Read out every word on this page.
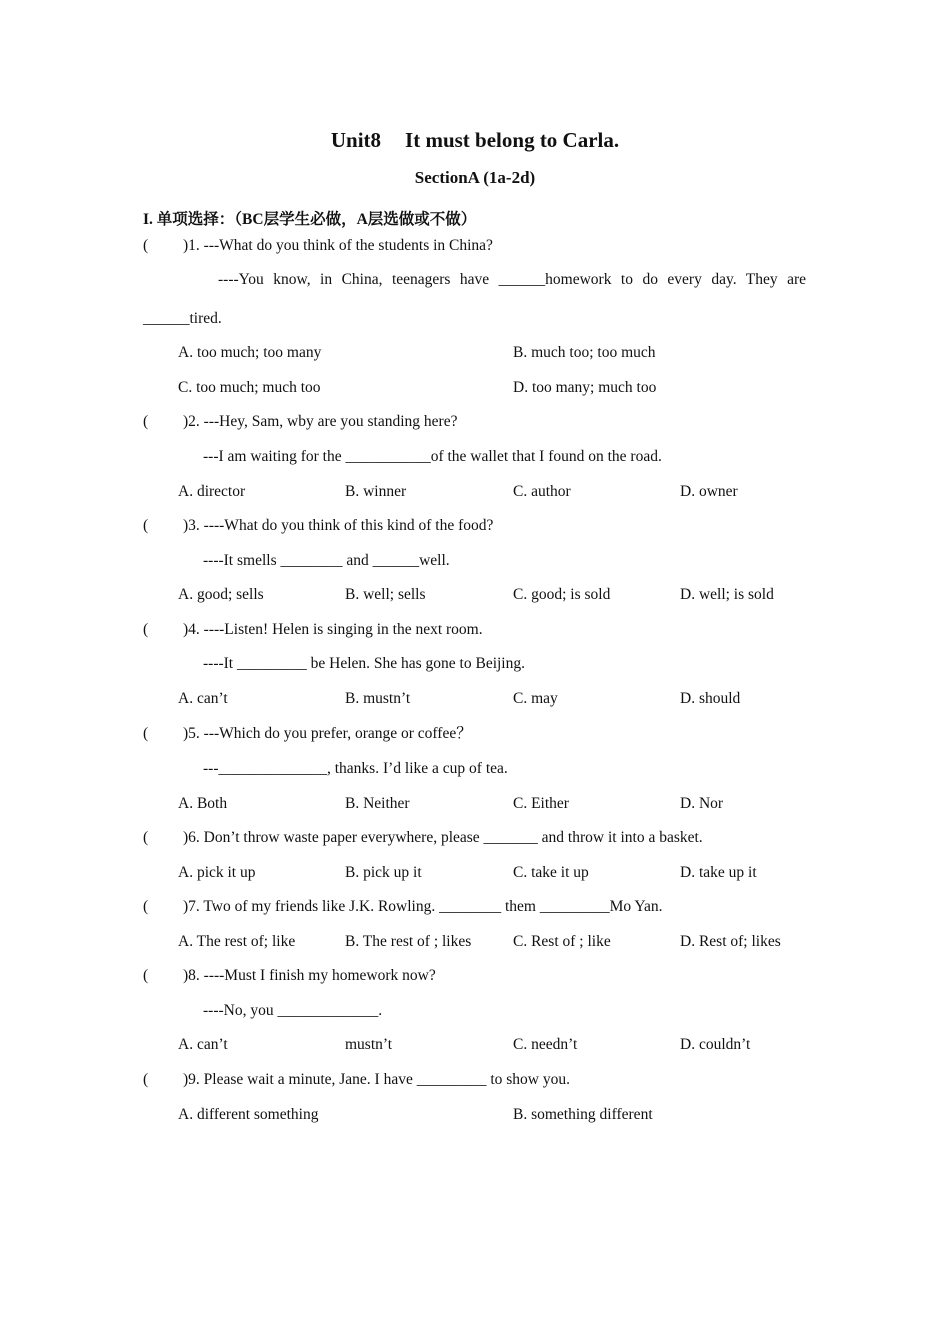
Unit8 It must belong to Carla.
SectionA (1a-2d)
I. 单项选择：（BC层学生必做，A层选做或不做）
( )1. ---What do you think of the students in China?
----You know, in China, teenagers have ______homework to do every day. They are
______tired.
A. too much; too many	B. much too; too much
C. too much; much too	D. too many; much too
( )2. ---Hey, Sam, wby are you standing here?
---I am waiting for the ___________of the wallet that I found on the road.
A. director	B. winner	C. author	D. owner
( )3. ----What do you think of this kind of the food?
----It smells ________ and ______well.
A. good; sells	B. well; sells	C. good; is sold	D. well; is sold
( )4. ----Listen! Helen is singing in the next room.
----It _________ be Helen. She has gone to Beijing.
A. can’t	B. mustn’t	C. may	D. should
( )5. ---Which do you prefer, orange or coffee？
---______________, thanks. I’d like a cup of tea.
A. Both	B. Neither	C. Either	D. Nor
( )6. Don’t throw waste paper everywhere, please _______ and throw it into a basket.
A. pick it up	B. pick up it	C. take it up	D. take up it
( )7. Two of my friends like J.K. Rowling. ________ them _________Mo Yan.
A. The rest of; like	B. The rest of ; likes	C. Rest of ; like	D. Rest of; likes
( )8. ----Must I finish my homework now?
----No, you _____________.
A. can’t	mustn’t	C. needn’t	D. couldn’t
( )9. Please wait a minute, Jane. I have _________ to show you.
A. different something	B. something different
